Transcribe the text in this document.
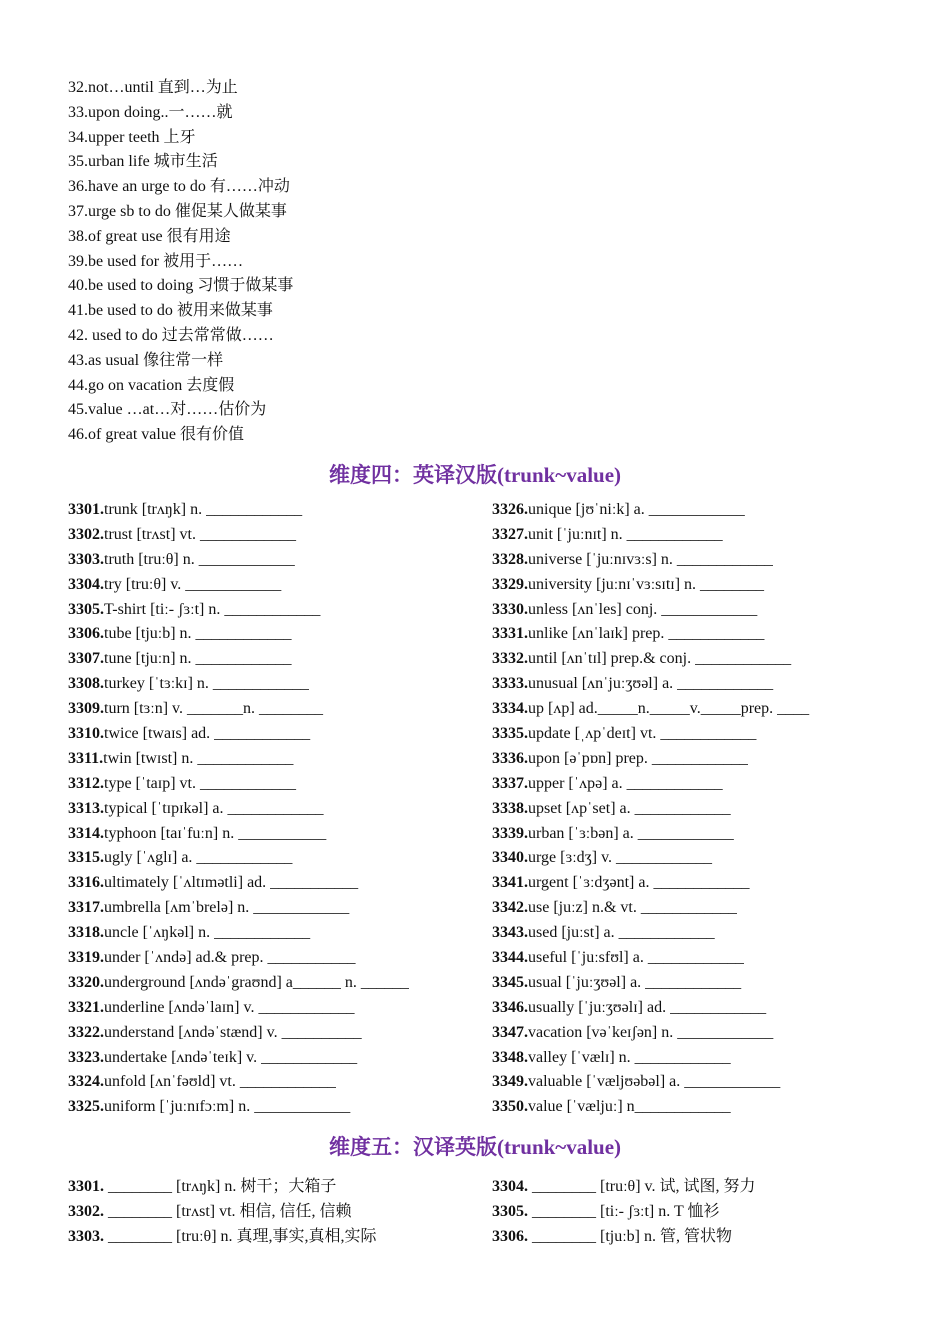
32.not…until 直到…为止
33.upon doing..一……就
34.upper teeth 上牙
35.urban life 城市生活
36.have an urge to do 有……冲动
37.urge sb to do 催促某人做某事
38.of great use 很有用途
39.be used for 被用于……
40.be used to doing 习惯于做某事
41.be used to do 被用来做某事
42. used to do 过去常常做……
43.as usual 像往常一样
44.go on vacation 去度假
45.value …at…对……估价为
46.of great value 很有价值
维度四：英译汉版(trunk~value)
3301.trunk [trʌŋk] n. ____________
3302.trust [trʌst] vt. ____________
3303.truth [truːθ] n. ____________
3304.try [truːθ] v. ____________
3305.T-shirt [tiː- ʃɜːt] n. ____________
3306.tube [tjuːb] n. ____________
3307.tune [tjuːn] n. ____________
3308.turkey [ˈtɜːkɪ] n. ____________
3309.turn [tɜːn] v. _______n. ________
3310.twice [twaɪs] ad. ____________
3311.twin [twɪst] n. ____________
3312.type [ˈtaɪp] vt. ____________
3313.typical [ˈtɪpɪkəl] a. ____________
3314.typhoon [taɪˈfuːn] n. ___________
3315.ugly [ˈʌglɪ] a. ____________
3316.ultimately [ˈʌltɪmətli] ad. ___________
3317.umbrella [ʌmˈbrelə] n. ____________
3318.uncle [ˈʌŋkəl] n. ____________
3319.under [ˈʌndə] ad.& prep. ___________
3320.underground [ʌndəˈgraʊnd] a______ n. ______
3321.underline [ʌndəˈlaɪn] v. ____________
3322.understand [ʌndəˈstænd] v. __________
3323.undertake [ʌndəˈteɪk] v. ____________
3324.unfold [ʌnˈfəʊld] vt. ____________
3325.uniform [ˈjuːnɪfɔːm] n. ____________
3326.unique [jʊˈniːk] a. ____________
3327.unit [ˈjuːnɪt] n. ____________
3328.universe [ˈjuːnɪvɜːs] n. ____________
3329.university [juːnɪˈvɜːsɪtɪ] n. ________
3330.unless [ʌnˈles] conj. ____________
3331.unlike [ʌnˈlaɪk] prep. ____________
3332.until [ʌnˈtɪl] prep.& conj. ____________
3333.unusual [ʌnˈjuːʒʊəl] a. ____________
3334.up [ʌp] ad._____n._____v._____prep. ____
3335.update [ˌʌpˈdeɪt] vt. ____________
3336.upon [əˈpɒn] prep. ____________
3337.upper [ˈʌpə] a. ____________
3338.upset [ʌpˈset] a. ____________
3339.urban [ˈɜːbən] a. ____________
3340.urge [ɜːdʒ] v. ____________
3341.urgent [ˈɜːdʒənt] a. ____________
3342.use [juːz] n.& vt. ____________
3343.used [juːst] a. ____________
3344.useful [ˈjuːsfʊl] a. ____________
3345.usual [ˈjuːʒʊəl] a. ____________
3346.usually [ˈjuːʒʊəlɪ] ad. ____________
3347.vacation [vəˈkeɪʃən] n. ____________
3348.valley [ˈvælɪ] n. ____________
3349.valuable [ˈvæljʊəbəl] a. ____________
3350.value [ˈvæljuː] n____________
维度五：汉译英版(trunk~value)
3301. ________ [trʌŋk] n. 树干；大箱子
3302. ________ [trʌst] vt. 相信, 信任, 信赖
3303. ________ [truːθ] n. 真理,事实,真相,实际
3304. ________ [truːθ] v. 试, 试图, 努力
3305. ________ [tiː- ʃɜːt] n. T 恤衫
3306. ________ [tjuːb] n. 管, 管状物
